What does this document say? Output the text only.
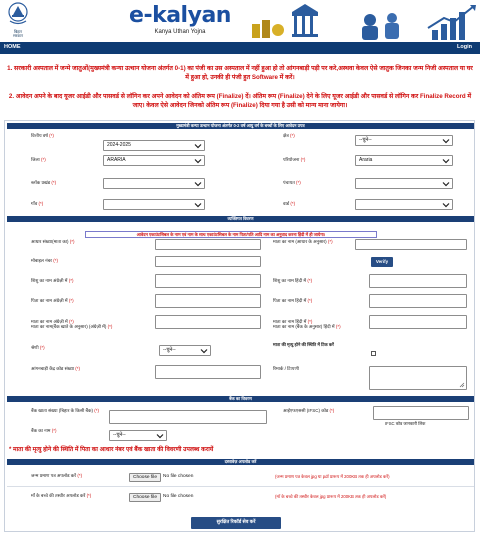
बिहार
सरकार
e-kalyan
Kanya Uthan Yojna
HOME	Login
1. सरकारी अस्पताल में जन्मे जातुओं(मुख्यमंत्री कन्या उत्थान योजना अंतर्गत 0-1) का पंजी का उस अस्पताल में नहीं हुआ हो तो आंगनबाड़ी पड़ी पर करे,अस्थवा केवल ऐसे जातुक जिनका जन्म निजी अस्पताल या घर में हुआ हो, उनकी ही पंजी हुत Software में करें।
2. आवेदन अपने के बाद यूजर आईडी और पासवर्ड से लॉगिन कर अपने आवेदन को अंतिम रूप (Finalize) दें। अंतिम रूप (Finalize) देने के लिए यूजर आईडी और पासवर्ड से लॉगिन कर Finalize Record में जाए। केवल ऐसे आवेदन जिनको अंतिम रूप (Finalize) दिया गया है उसी को मान्य माना जायेगा।
मुख्यमंत्री कन्या उत्थान योजना अंतर्गत 0-2 वर्ष आयु वर्ग के बच्चों के लिए आवेदन प्रपत्र
वित्तीय वर्ष (*)	क्षेत्र (*)
--चुने--
2024-2025
जिला (*)	ARARIA	परियोजना (*)	Araria
ब्लॉक प्रखंड (*)	पंचायत (*)
गाँव (*)	वार्ड (*)
व्यक्तिगत विवरण
आवेदन एकाउंटसिबल के नाम एवं नाम के साथ एकाउंटसिबल के नाम पिता/पति आदि नाम का अनुवाद करना हिंदी में ही जायेगा।
आधार संख्या(माता का) (*)	माता का नाम (आधार के अनुसार) (*)
मोबाइल नंबर (*)	Verify
शिशु का नाम अंग्रेज़ी में (*)	शिशु का नाम हिंदी में (*)
पिता का नाम अंग्रेज़ी में (*)	पिता का नाम हिंदी में (*)
माता का नाम अंग्रेज़ी में (*)	माता का नाम हिंदी में (*)
माता का नाम(बैंक खाते के अनुसार) (अंग्रेज़ी में) (*)	माता का नाम (बैंक के अनुसार) हिंदी में (*)
श्रेणी (*)	--चुने--
माता की मृत्यु होने की स्थिति में टिक करें
आंगनबाड़ी केंद्र कोड संख्या (*)	रिमार्क / टिप्पणी
बैंक का विवरण
बैंक खाता संख्या (बिहार के किसी बैंक) (*)	आईएफएससी (IFSC) कोड (*)
IFSC कोड जानकारी लिंक
बैंक का नाम (*)
--चुने--
* माता की मृत्यु होने की स्थिति में पिता का आधार नंबर एवं बैंक खाता की विवरणी उपलब्ध करायें
दस्तावेज़ अपलोड करें
जन्म प्रमाण पत्र अपलोड करें (*)	Choose file No file chosen	(जन्म प्रमाण पत्र केवल jpg या pdf प्रारूप में 200KB तक ही अपलोड करें)
माँ के बच्चे की तस्वीर अपलोड करें (*)	Choose file No file chosen	(माँ के बच्चे की तस्वीर केवल jpg प्रारूप में 200KB तक ही अपलोड करें)
सुरक्षित रिकॉर्ड सेव करें
